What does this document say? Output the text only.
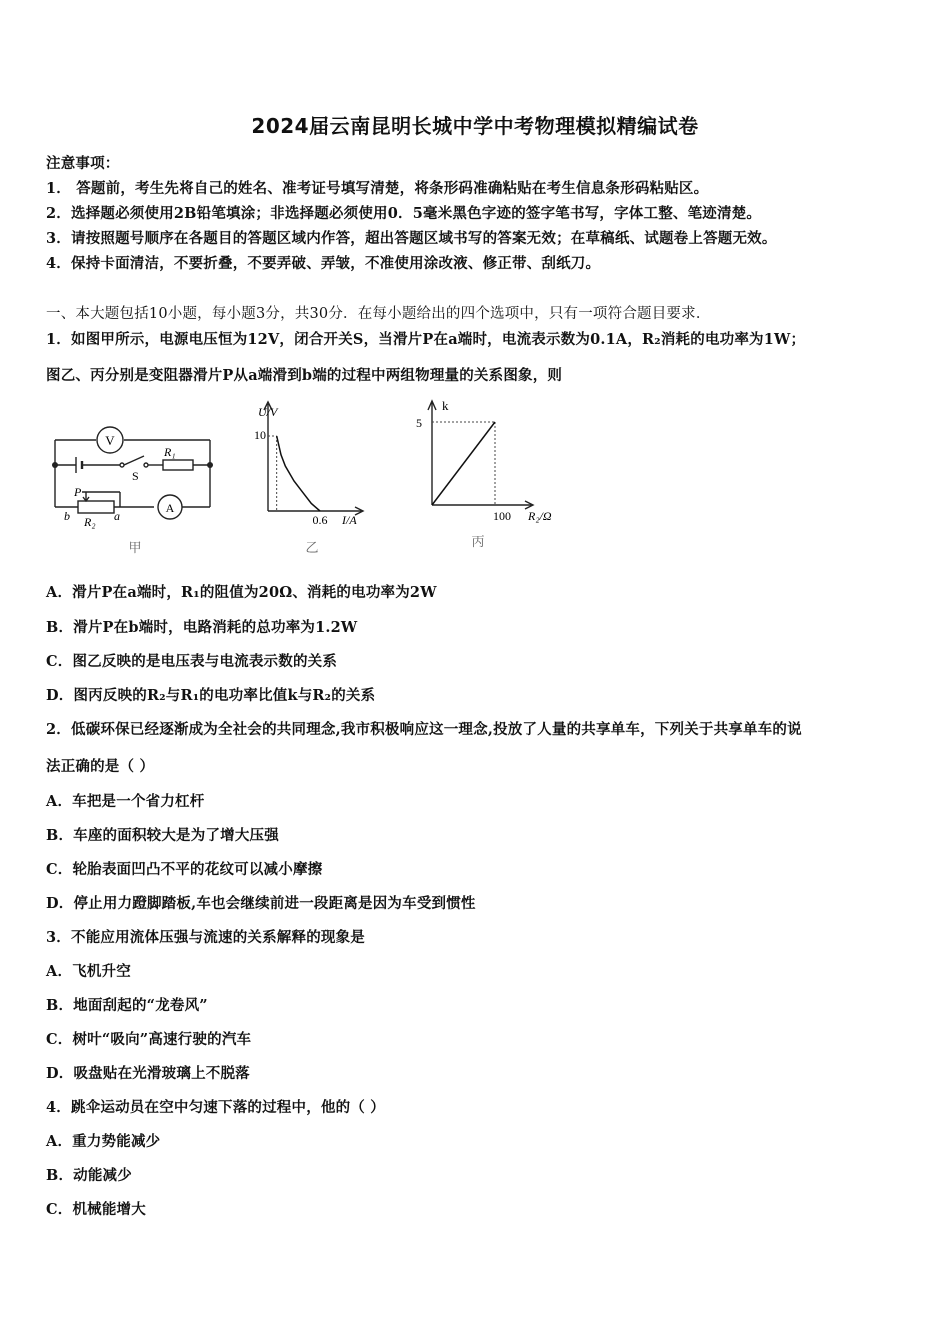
2024届云南昆明长城中学中考物理模拟精编试卷
注意事项：
1． 答题前，考生先将自己的姓名、准考证号填写清楚，将条形码准确粘贴在考生信息条形码粘贴区。
2．选择题必须使用2B铅笔填涂；非选择题必须使用0．5毫米黑色字迹的签字笔书写，字体工整、笔迹清楚。
3．请按照题号顺序在各题目的答题区域内作答，超出答题区域书写的答案无效；在草稿纸、试题卷上答题无效。
4．保持卡面清洁，不要折叠，不要弄破、弄皱，不准使用涂改液、修正带、刮纸刀。
一、本大题包括10小题，每小题3分，共30分．在每小题给出的四个选项中，只有一项符合题目要求．
1．如图甲所示，电源电压恒为12V，闭合开关S，当滑片P在a端时，电流表示数为0.1A，R₂消耗的电功率为1W；
图乙、丙分别是变阻器滑片P从a端滑到b端的过程中两组物理量的关系图象，则
V
A
R₁
S
P
b	a
R₂
甲
U/V
I/A
10
0.6
乙
k
R₂/Ω
5
100
丙
A．滑片P在a端时，R₁的阻值为20Ω、消耗的电功率为2W
B．滑片P在b端时，电路消耗的总功率为1.2W
C．图乙反映的是电压表与电流表示数的关系
D．图丙反映的R₂与R₁的电功率比值k与R₂的关系
2．低碳环保已经逐渐成为全社会的共同理念,我市积极响应这一理念,投放了人量的共享单车，下列关于共享单车的说
法正确的是（ ）
A．车把是一个省力杠杆
B．车座的面积较大是为了增大压强
C．轮胎表面凹凸不平的花纹可以减小摩擦
D．停止用力蹬脚踏板,车也会继续前进一段距离是因为车受到惯性
3．不能应用流体压强与流速的关系解释的现象是
A．飞机升空
B．地面刮起的“龙卷风”
C．树叶“吸向”高速行驶的汽车
D．吸盘贴在光滑玻璃上不脱落
4．跳伞运动员在空中匀速下落的过程中，他的（ ）
A．重力势能减少
B．动能减少
C．机械能增大
